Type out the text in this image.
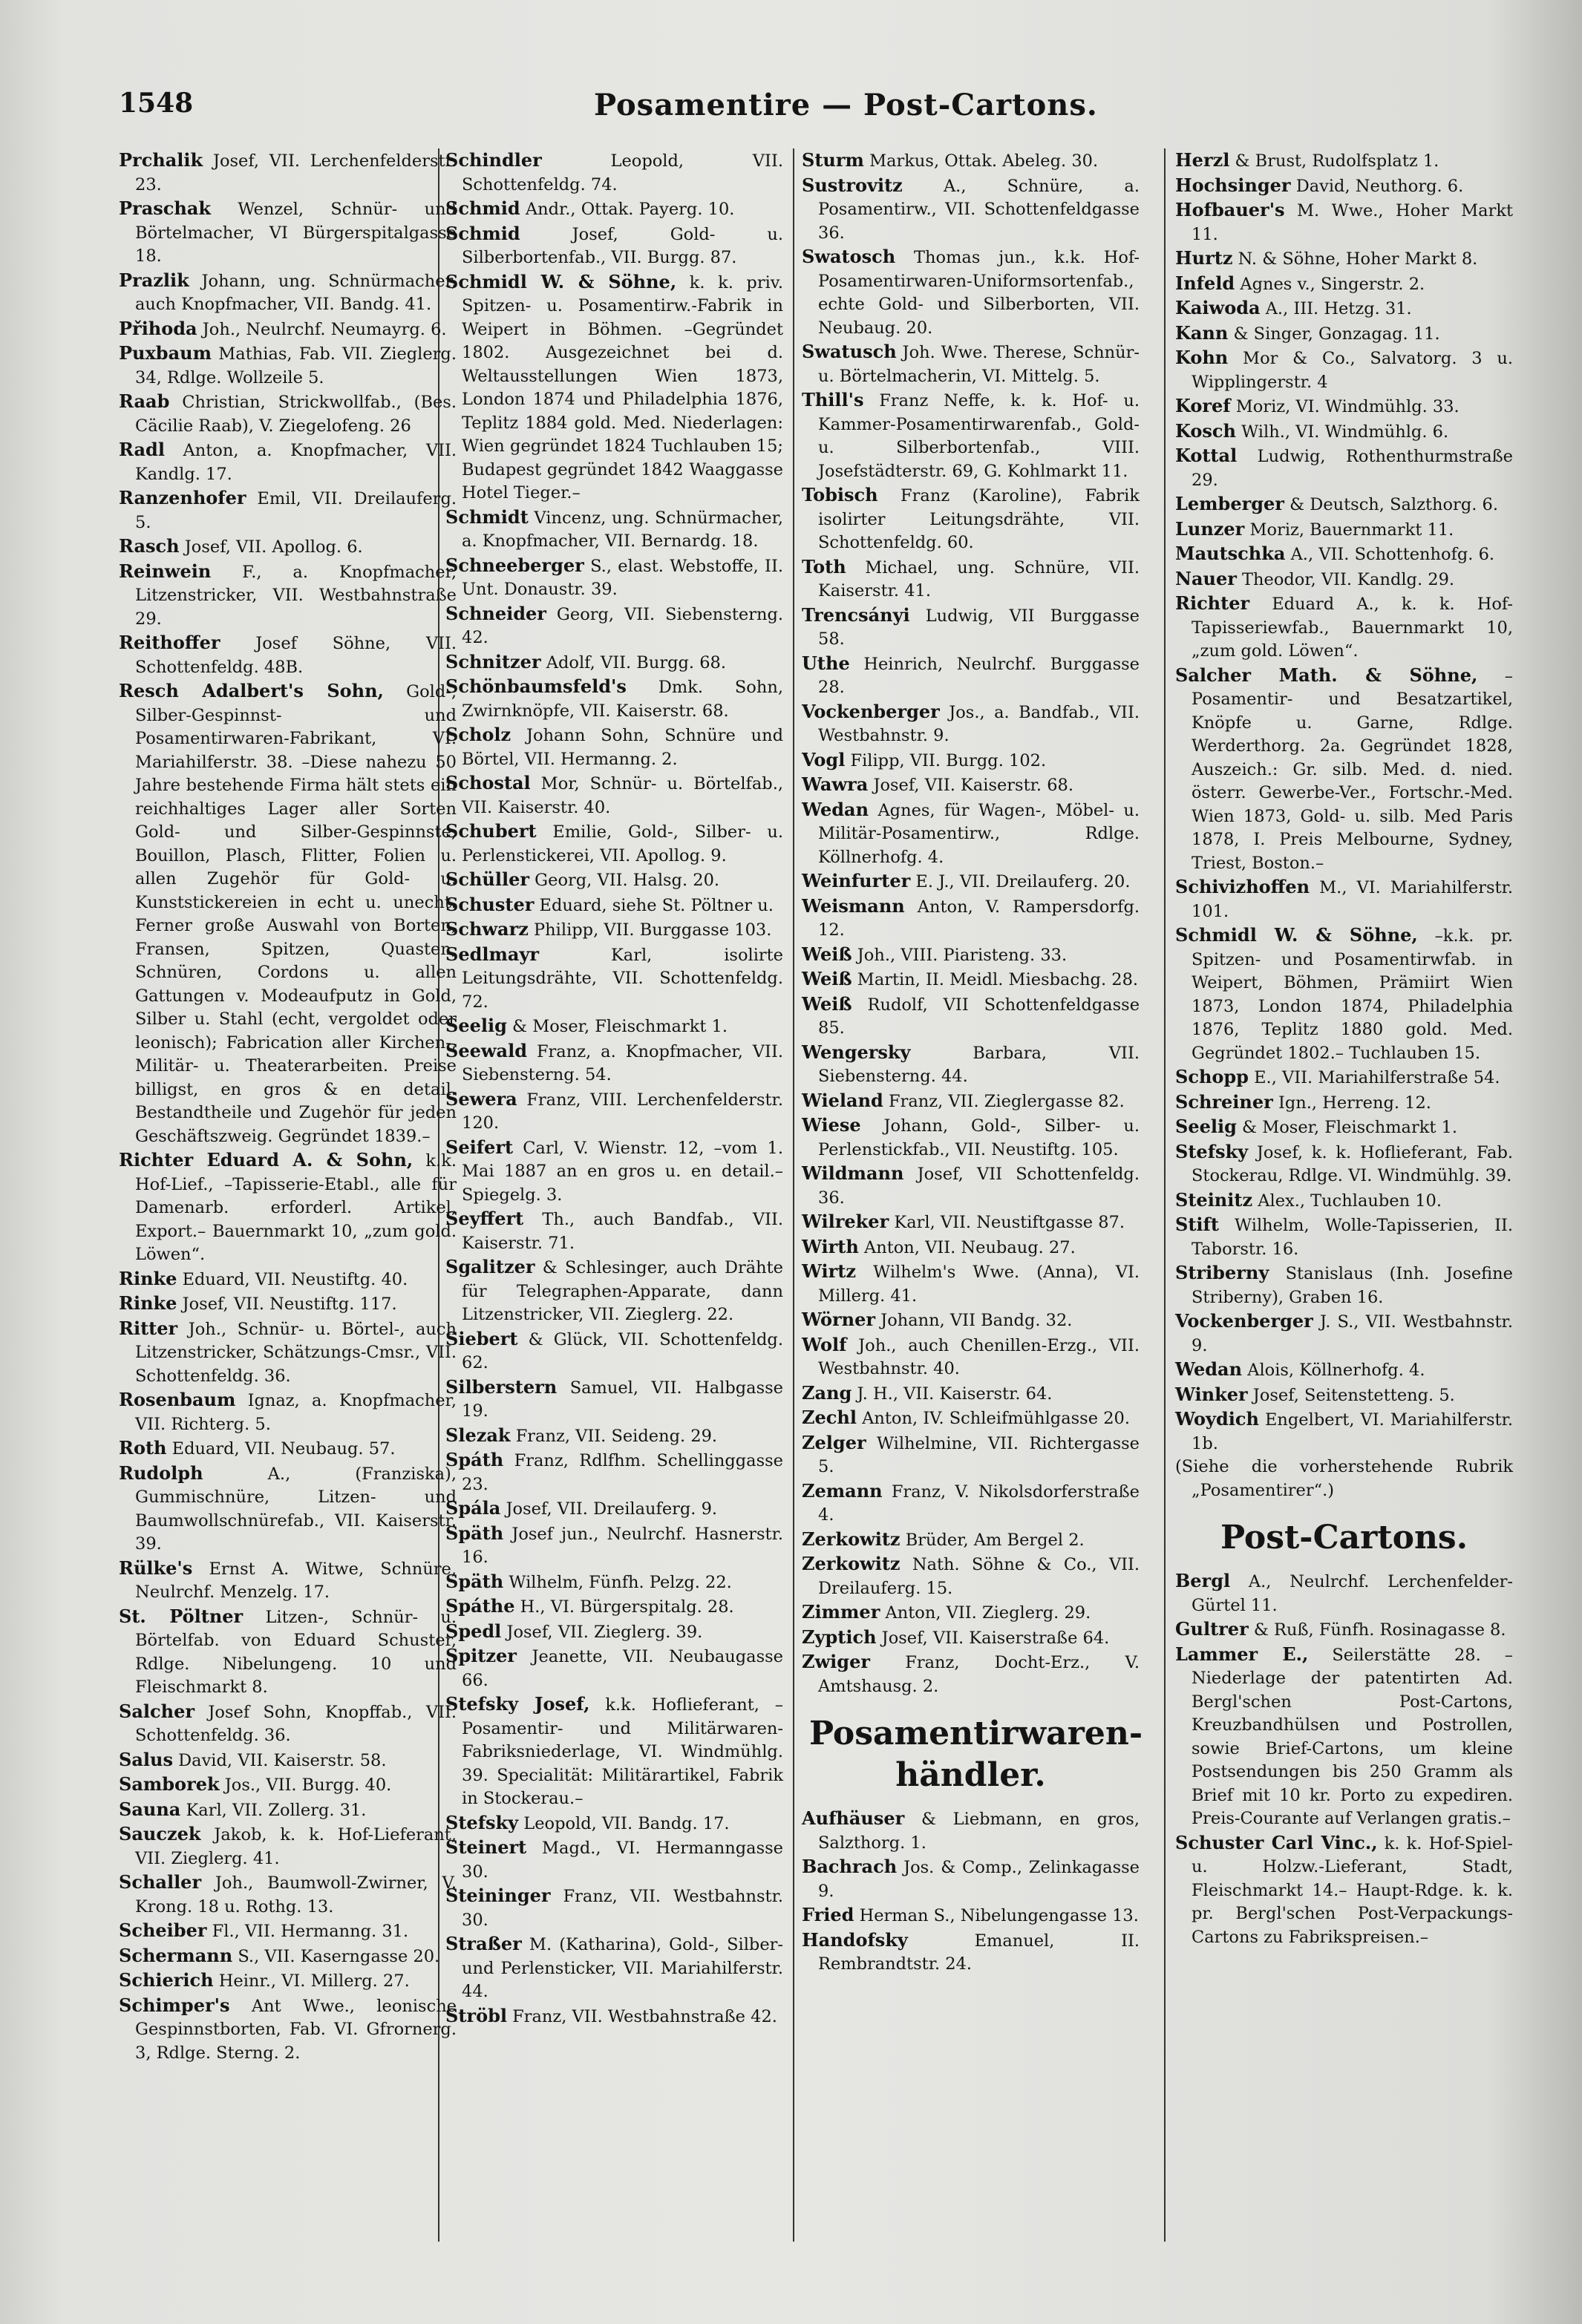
1548	Posamentire — Post-Cartons.

Prchalik Josef, VII. Lerchenfelderstr. 23.

Praschak Wenzel, Schnür- und Börtelmacher, VI Bürgerspitalgasse 18.

Prazlik Johann, ung. Schnürmacher, auch Knopfmacher, VII. Bandg. 41.

Přihoda Joh., Neulrchf. Neumayrg. 6.

Puxbaum Mathias, Fab. VII. Zieglerg. 34, Rdlge. Wollzeile 5.

Raab Christian, Strickwollfab., (Bes. Cäcilie Raab), V. Ziegelofeng. 26

Radl Anton, a. Knopfmacher, VII. Kandlg. 17.

Ranzenhofer Emil, VII. Dreilauferg. 5.

Rasch Josef, VII. Apollog. 6.

Reinwein F., a. Knopfmacher, Litzenstricker, VII. Westbahnstraße 29.

Reithoffer Josef Söhne, VII. Schottenfeldg. 48B.

Resch Adalbert's Sohn, Gold-, Silber-Gespinnst- und Posamentirwaren-Fabrikant, VI. Mariahilferstr. 38. –Diese nahezu 50 Jahre bestehende Firma hält stets ein reichhaltiges Lager aller Sorten Gold- und Silber-Gespinnste, Bouillon, Plasch, Flitter, Folien u. allen Zugehör für Gold- u. Kunststickereien in echt u. unecht. Ferner große Auswahl von Borten, Fransen, Spitzen, Quasten, Schnüren, Cordons u. allen Gattungen v. Modeaufputz in Gold, Silber u. Stahl (echt, vergoldet oder leonisch); Fabrication aller Kirchen-, Militär- u. Theaterarbeiten. Preise billigst, en gros & en detail. Bestandtheile und Zugehör für jeden Geschäftszweig. Gegründet 1839.–

Richter Eduard A. & Sohn, k.k. Hof-Lief., –Tapisserie-Etabl., alle für Damenarb. erforderl. Artikel, Export.– Bauernmarkt 10, „zum gold. Löwen“.

Rinke Eduard, VII. Neustiftg. 40.

Rinke Josef, VII. Neustiftg. 117.

Ritter Joh., Schnür- u. Börtel-, auch Litzenstricker, Schätzungs-Cmsr., VII. Schottenfeldg. 36.

Rosenbaum Ignaz, a. Knopfmacher, VII. Richterg. 5.

Roth Eduard, VII. Neubaug. 57.

Rudolph	A., (Franziska), Gummischnüre, Litzen- und Baumwollschnürefab., VII. Kaiserstr. 39.

Rülke's Ernst A. Witwe, Schnüre, Neulrchf. Menzelg. 17.

St. Pöltner Litzen-, Schnür- u. Börtelfab. von Eduard Schuster, Rdlge. Nibelungeng. 10 und Fleischmarkt 8.

Salcher Josef Sohn, Knopffab., VII. Schottenfeldg. 36.

Salus David, VII. Kaiserstr. 58.

Samborek Jos., VII. Burgg. 40.

Sauna Karl, VII. Zollerg. 31.

Sauczek Jakob, k. k. Hof-Lieferant, VII. Zieglerg. 41.

Schaller Joh., Baumwoll-Zwirner, V. Krong. 18 u. Rothg. 13.

Scheiber Fl., VII. Hermanng. 31.

Schermann S., VII. Kaserngasse 20.

Schierich Heinr., VI. Millerg. 27.

Schimper's Ant Wwe., leonische Gespinnstborten, Fab. VI. Gfrornerg. 3, Rdlge. Sterng. 2.

Schindler	Leopold, VII. Schottenfeldg. 74.

Schmid Andr., Ottak. Payerg. 10.

Schmid	Josef, Gold- u. Silberbortenfab., VII. Burgg. 87.

Schmidl W. & Söhne, k. k. priv. Spitzen- u. Posamentirw.-Fabrik in Weipert in Böhmen. –Gegründet 1802. Ausgezeichnet bei d. Weltausstellungen Wien 1873, London 1874 und Philadelphia 1876, Teplitz 1884 gold. Med. Niederlagen: Wien gegründet 1824 Tuchlauben 15; Budapest gegründet 1842 Waaggasse Hotel Tieger.–

Schmidt Vincenz, ung. Schnürmacher, a. Knopfmacher, VII. Bernardg. 18.

Schneeberger S., elast. Webstoffe, II. Unt. Donaustr. 39.

Schneider Georg, VII. Siebensterng. 42.

Schnitzer Adolf, VII. Burgg. 68.

Schönbaumsfeld's Dmk. Sohn, Zwirnknöpfe, VII. Kaiserstr. 68.

Scholz Johann Sohn, Schnüre und Börtel, VII. Hermanng. 2.

Schostal Mor, Schnür- u. Börtelfab., VII. Kaiserstr. 40.

Schubert Emilie, Gold-, Silber- u. Perlenstickerei, VII. Apollog. 9.

Schüller Georg, VII. Halsg. 20.

Schuster Eduard, siehe St. Pöltner u.

Schwarz Philipp, VII. Burggasse 103.

Sedlmayr	Karl, isolirte Leitungsdrähte, VII. Schottenfeldg. 72.

Seelig & Moser, Fleischmarkt 1.

Seewald Franz, a. Knopfmacher, VII. Siebensterng. 54.

Sewera Franz, VIII. Lerchenfelderstr. 120.

Seifert Carl, V. Wienstr. 12, –vom 1. Mai 1887 an en gros u. en detail.– Spiegelg. 3.

Seyffert Th., auch Bandfab., VII. Kaiserstr. 71.

Sgalitzer & Schlesinger, auch Drähte für Telegraphen-Apparate, dann Litzenstricker, VII. Zieglerg. 22.

Siebert & Glück, VII. Schottenfeldg. 62.

Silberstern Samuel, VII. Halbgasse 19.

Slezak Franz, VII. Seideng. 29.

Spáth Franz, Rdlfhm. Schellinggasse 23.

Spála Josef, VII. Dreilauferg. 9.

Späth Josef jun., Neulrchf. Hasnerstr. 16.

Späth Wilhelm, Fünfh. Pelzg. 22.

Spáthe H., VI. Bürgerspitalg. 28.

Spedl Josef, VII. Zieglerg. 39.

Spitzer Jeanette, VII. Neubaugasse 66.

Stefsky Josef, k.k. Hoflieferant, –Posamentir- und Militärwaren-Fabriksniederlage, VI. Windmühlg. 39. Specialität: Militärartikel, Fabrik in Stockerau.–

Stefsky Leopold, VII. Bandg. 17.

Steinert Magd., VI. Hermanngasse 30.

Steininger Franz, VII. Westbahnstr. 30.

Straßer M. (Katharina), Gold-, Silber- und Perlensticker, VII. Mariahilferstr. 44.

Ströbl Franz, VII. Westbahnstraße 42.

Sturm Markus, Ottak. Abeleg. 30.

Sustrovitz A., Schnüre, a. Posamentirw., VII. Schottenfeldgasse 36.

Swatosch Thomas jun., k.k. Hof-Posamentirwaren-Uniformsortenfab., echte Gold- und Silberborten, VII. Neubaug. 20.

Swatusch Joh. Wwe. Therese, Schnür- u. Börtelmacherin, VI. Mittelg. 5.

Thill's Franz Neffe, k. k. Hof- u. Kammer-Posamentirwarenfab., Gold- u. Silberbortenfab., VIII. Josefstädterstr. 69, G. Kohlmarkt 11.

Tobisch Franz (Karoline), Fabrik isolirter Leitungsdrähte, VII. Schottenfeldg. 60.

Toth Michael, ung. Schnüre, VII. Kaiserstr. 41.

Trencsányi Ludwig, VII Burggasse 58.

Uthe Heinrich, Neulrchf. Burggasse 28.

Vockenberger Jos., a. Bandfab., VII. Westbahnstr. 9.

Vogl Filipp, VII. Burgg. 102.

Wawra Josef, VII. Kaiserstr. 68.

Wedan Agnes, für Wagen-, Möbel- u. Militär-Posamentirw., Rdlge. Köllnerhofg. 4.

Weinfurter E. J., VII. Dreilauferg. 20.

Weismann Anton, V. Rampersdorfg. 12.

Weiß Joh., VIII. Piaristeng. 33.

Weiß Martin, II. Meidl. Miesbachg. 28.

Weiß Rudolf, VII Schottenfeldgasse 85.

Wengersky	Barbara, VII. Siebensterng. 44.

Wieland Franz, VII. Zieglergasse 82.

Wiese Johann, Gold-, Silber- u. Perlenstickfab., VII. Neustiftg. 105.

Wildmann Josef, VII Schottenfeldg. 36.

Wilreker Karl, VII. Neustiftgasse 87.

Wirth Anton, VII. Neubaug. 27.

Wirtz Wilhelm's Wwe. (Anna), VI. Millerg. 41.

Wörner Johann, VII Bandg. 32.

Wolf Joh., auch Chenillen-Erzg., VII. Westbahnstr. 40.

Zang J. H., VII. Kaiserstr. 64.

Zechl Anton, IV. Schleifmühlgasse 20.

Zelger Wilhelmine, VII. Richtergasse 5.

Zemann Franz, V. Nikolsdorferstraße 4.

Zerkowitz Brüder, Am Bergel 2.

Zerkowitz Nath. Söhne & Co., VII. Dreilauferg. 15.

Zimmer Anton, VII. Zieglerg. 29.

Zyptich Josef, VII. Kaiserstraße 64.

Zwiger Franz, Docht-Erz., V. Amtshausg. 2.

Posamentirwaren-händler.

Aufhäuser & Liebmann, en gros, Salzthorg. 1.

Bachrach Jos. & Comp., Zelinkagasse 9.

Fried Herman S., Nibelungengasse 13.

Handofsky	Emanuel, II. Rembrandtstr. 24.

Herzl & Brust, Rudolfsplatz 1.

Hochsinger David, Neuthorg. 6.

Hofbauer's M. Wwe., Hoher Markt 11.

Hurtz N. & Söhne, Hoher Markt 8.

Infeld Agnes v., Singerstr. 2.

Kaiwoda A., III. Hetzg. 31.

Kann & Singer, Gonzagag. 11.

Kohn Mor & Co., Salvatorg. 3 u. Wipplingerstr. 4

Koref Moriz, VI. Windmühlg. 33.

Kosch Wilh., VI. Windmühlg. 6.

Kottal Ludwig, Rothenthurmstraße 29.

Lemberger & Deutsch, Salzthorg. 6.

Lunzer Moriz, Bauernmarkt 11.

Mautschka A., VII. Schottenhofg. 6.

Nauer Theodor, VII. Kandlg. 29.

Richter Eduard A., k. k. Hof-Tapisseriewfab., Bauernmarkt 10, „zum gold. Löwen“.

Salcher Math. & Söhne, –Posamentir- und Besatzartikel, Knöpfe u. Garne, Rdlge. Werderthorg. 2a. Gegründet 1828, Auszeich.: Gr. silb. Med. d. nied. österr. Gewerbe-Ver., Fortschr.-Med. Wien 1873, Gold- u. silb. Med Paris 1878, I. Preis Melbourne, Sydney, Triest, Boston.–

Schivizhoffen M., VI. Mariahilferstr. 101.

Schmidl W. & Söhne, –k.k. pr. Spitzen- und Posamentirwfab. in Weipert, Böhmen, Prämiirt Wien 1873, London 1874, Philadelphia 1876, Teplitz 1880 gold. Med. Gegründet 1802.– Tuchlauben 15.

Schopp E., VII. Mariahilferstraße 54.

Schreiner Ign., Herreng. 12.

Seelig & Moser, Fleischmarkt 1.

Stefsky Josef, k. k. Hoflieferant, Fab. Stockerau, Rdlge. VI. Windmühlg. 39.

Steinitz Alex., Tuchlauben 10.

Stift Wilhelm, Wolle-Tapisserien, II. Taborstr. 16.

Striberny Stanislaus (Inh. Josefine Striberny), Graben 16.

Vockenberger J. S., VII. Westbahnstr. 9.

Wedan Alois, Köllnerhofg. 4.

Winker Josef, Seitenstetteng. 5.

Woydich Engelbert, VI. Mariahilferstr. 1b.

(Siehe die vorherstehende Rubrik „Posamentirer“.)

Post-Cartons.

Bergl A., Neulrchf. Lerchenfelder-Gürtel 11.

Gultrer & Ruß, Fünfh. Rosinagasse 8.

Lammer E., Seilerstätte 28. –Niederlage der patentirten Ad. Bergl'schen Post-Cartons, Kreuzbandhülsen und Postrollen, sowie Brief-Cartons, um kleine Postsendungen bis 250 Gramm als Brief mit 10 kr. Porto zu expediren. Preis-Courante auf Verlangen gratis.–

Schuster Carl Vinc., k. k. Hof-Spiel- u. Holzw.-Lieferant, Stadt, Fleischmarkt 14.– Haupt-Rdge. k. k. pr. Bergl'schen Post-Verpackungs-Cartons zu Fabrikspreisen.–
